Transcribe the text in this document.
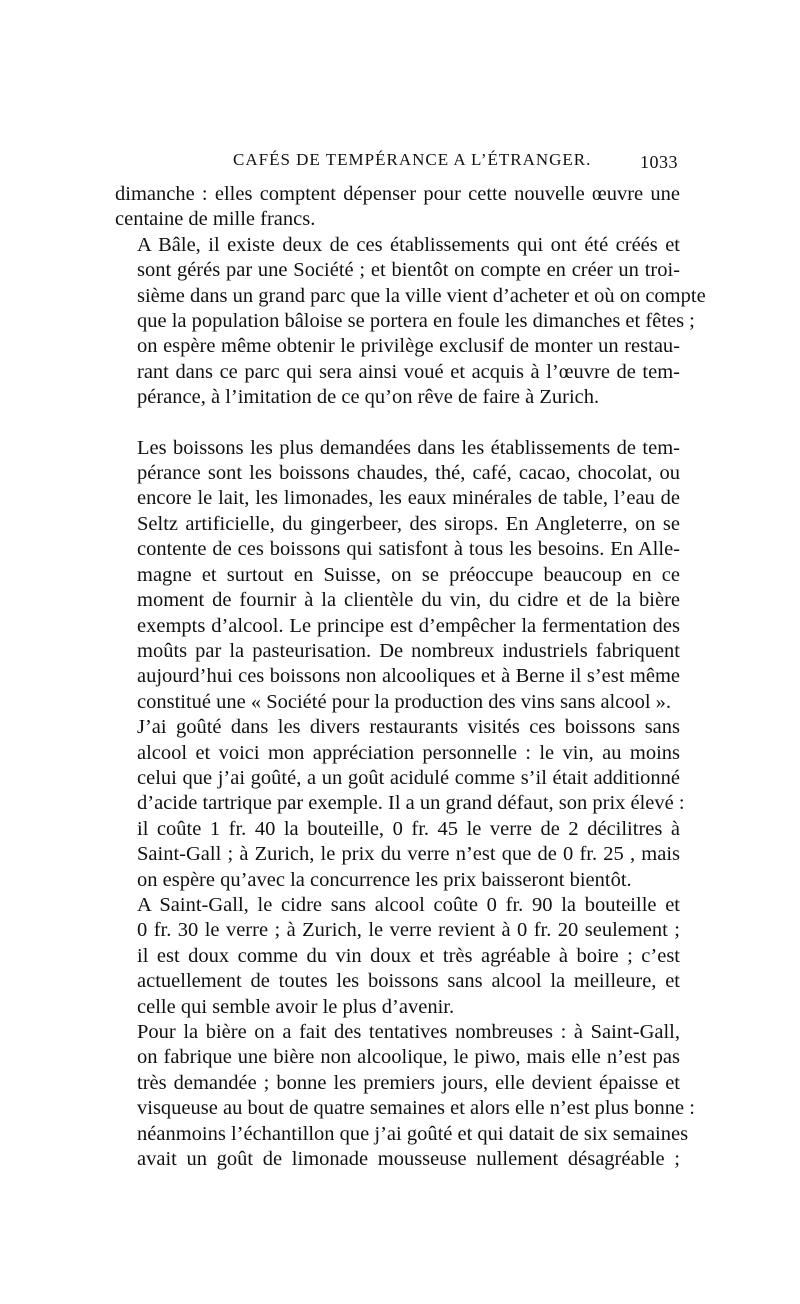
CAFÉS DE TEMPÉRANCE A L’ÉTRANGER.	1033

dimanche : elles comptent dépenser pour cette nouvelle œuvre une
centaine de mille francs.

A Bâle, il existe deux de ces établissements qui ont été créés et
sont gérés par une Société ; et bientôt on compte en créer un troi-
sième dans un grand parc que la ville vient d’acheter et où on compte
que la population bâloise se portera en foule les dimanches et fêtes ;
on espère même obtenir le privilège exclusif de monter un restau-
rant dans ce parc qui sera ainsi voué et acquis à l’œuvre de tem-
pérance, à l’imitation de ce qu’on rêve de faire à Zurich.

Les boissons les plus demandées dans les établissements de tem-
pérance sont les boissons chaudes, thé, café, cacao, chocolat, ou
encore le lait, les limonades, les eaux minérales de table, l’eau de
Seltz artificielle, du gingerbeer, des sirops. En Angleterre, on se
contente de ces boissons qui satisfont à tous les besoins. En Alle-
magne et surtout en Suisse, on se préoccupe beaucoup en ce
moment de fournir à la clientèle du vin, du cidre et de la bière
exempts d’alcool. Le principe est d’empêcher la fermentation des
moûts par la pasteurisation. De nombreux industriels fabriquent
aujourd’hui ces boissons non alcooliques et à Berne il s’est même
constitué une « Société pour la production des vins sans alcool ».

J’ai goûté dans les divers restaurants visités ces boissons sans
alcool et voici mon appréciation personnelle : le vin, au moins
celui que j’ai goûté, a un goût acidulé comme s’il était additionné
d’acide tartrique par exemple. Il a un grand défaut, son prix élevé :
il coûte 1 fr. 40 la bouteille, 0 fr. 45 le verre de 2 décilitres à
Saint-Gall ; à Zurich, le prix du verre n’est que de 0 fr. 25 , mais
on espère qu’avec la concurrence les prix baisseront bientôt.

A Saint-Gall, le cidre sans alcool coûte 0 fr. 90 la bouteille et
0 fr. 30 le verre ; à Zurich, le verre revient à 0 fr. 20 seulement ;
il est doux comme du vin doux et très agréable à boire ; c’est
actuellement de toutes les boissons sans alcool la meilleure, et
celle qui semble avoir le plus d’avenir.

Pour la bière on a fait des tentatives nombreuses : à Saint-Gall,
on fabrique une bière non alcoolique, le piwo, mais elle n’est pas
très demandée ; bonne les premiers jours, elle devient épaisse et
visqueuse au bout de quatre semaines et alors elle n’est plus bonne :
néanmoins l’échantillon que j’ai goûté et qui datait de six semaines
avait un goût de limonade mousseuse nullement désagréable ;
